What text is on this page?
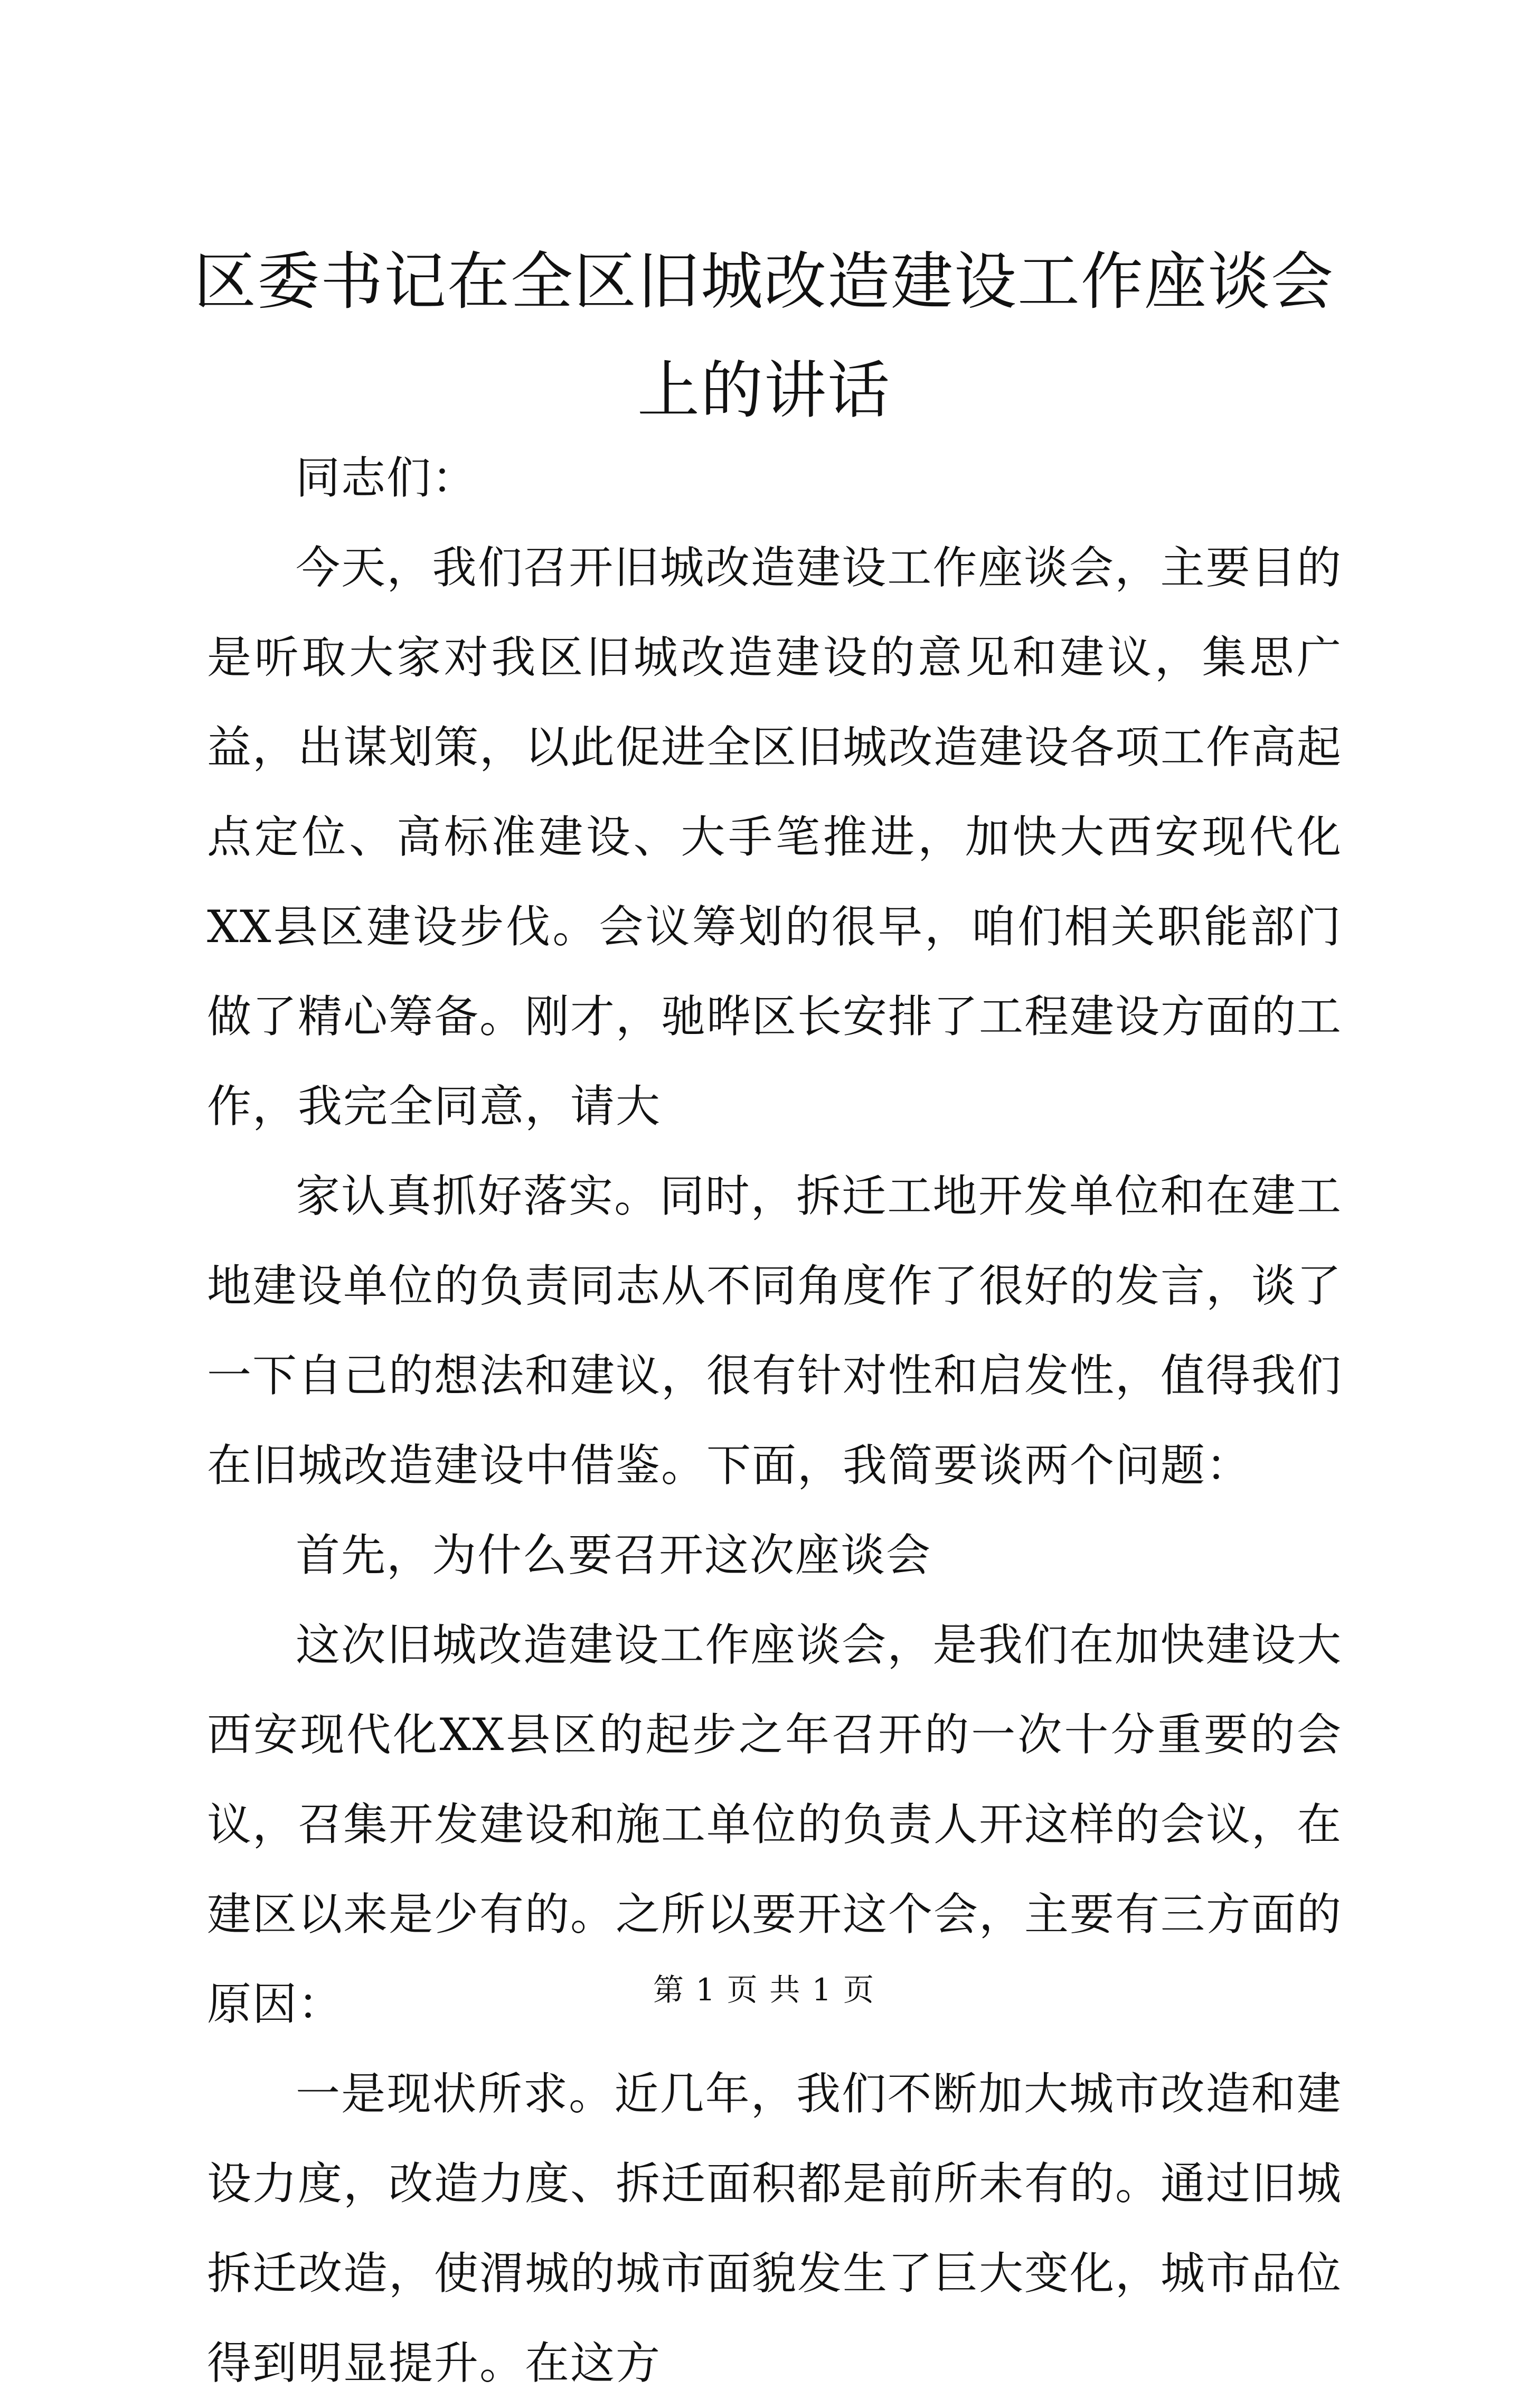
区委书记在全区旧城改造建设工作座谈会上的讲话

同志们：

今天，我们召开旧城改造建设工作座谈会，主要目的是听取大家对我区旧城改造建设的意见和建议，集思广益，出谋划策，以此促进全区旧城改造建设各项工作高起点定位、高标准建设、大手笔推进，加快大西安现代化XX县区建设步伐。会议筹划的很早，咱们相关职能部门做了精心筹备。刚才，驰晔区长安排了工程建设方面的工作，我完全同意，请大

家认真抓好落实。同时，拆迁工地开发单位和在建工地建设单位的负责同志从不同角度作了很好的发言，谈了一下自己的想法和建议，很有针对性和启发性，值得我们在旧城改造建设中借鉴。下面，我简要谈两个问题：

首先，为什么要召开这次座谈会

这次旧城改造建设工作座谈会，是我们在加快建设大西安现代化XX县区的起步之年召开的一次十分重要的会议，召集开发建设和施工单位的负责人开这样的会议，在建区以来是少有的。之所以要开这个会，主要有三方面的原因：

一是现状所求。近几年，我们不断加大城市改造和建设力度，改造力度、拆迁面积都是前所未有的。通过旧城拆迁改造，使渭城的城市面貌发生了巨大变化，城市品位得到明显提升。在这方

第 1 页 共 1 页
